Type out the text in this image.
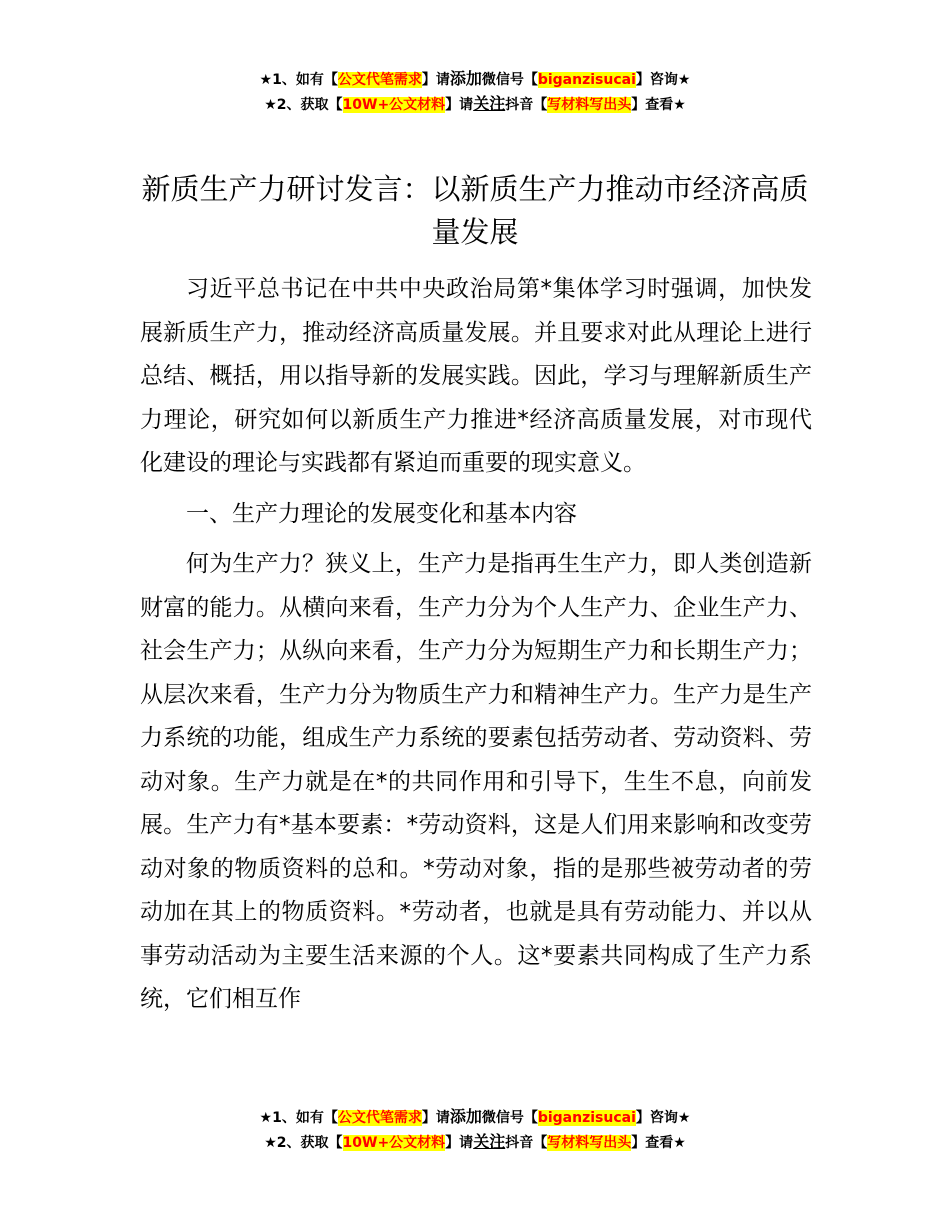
★1、如有【公文代笔需求】请添加微信号【biganzisucai】咨询★
★2、获取【10W+公文材料】请关注抖音【写材料写出头】查看★
新质生产力研讨发言：以新质生产力推动市经济高质量发展

习近平总书记在中共中央政治局第*集体学习时强调，加快发展新质生产力，推动经济高质量发展。并且要求对此从理论上进行总结、概括，用以指导新的发展实践。因此，学习与理解新质生产力理论，研究如何以新质生产力推进*经济高质量发展，对市现代化建设的理论与实践都有紧迫而重要的现实意义。

一、生产力理论的发展变化和基本内容

何为生产力？狭义上，生产力是指再生生产力，即人类创造新财富的能力。从横向来看，生产力分为个人生产力、企业生产力、社会生产力；从纵向来看，生产力分为短期生产力和长期生产力；从层次来看，生产力分为物质生产力和精神生产力。生产力是生产力系统的功能，组成生产力系统的要素包括劳动者、劳动资料、劳动对象。生产力就是在*的共同作用和引导下，生生不息，向前发展。生产力有*基本要素：*劳动资料，这是人们用来影响和改变劳动对象的物质资料的总和。*劳动对象，指的是那些被劳动者的劳动加在其上的物质资料。*劳动者，也就是具有劳动能力、并以从事劳动活动为主要生活来源的个人。这*要素共同构成了生产力系统，它们相互作

★1、如有【公文代笔需求】请添加微信号【biganzisucai】咨询★
★2、获取【10W+公文材料】请关注抖音【写材料写出头】查看★
